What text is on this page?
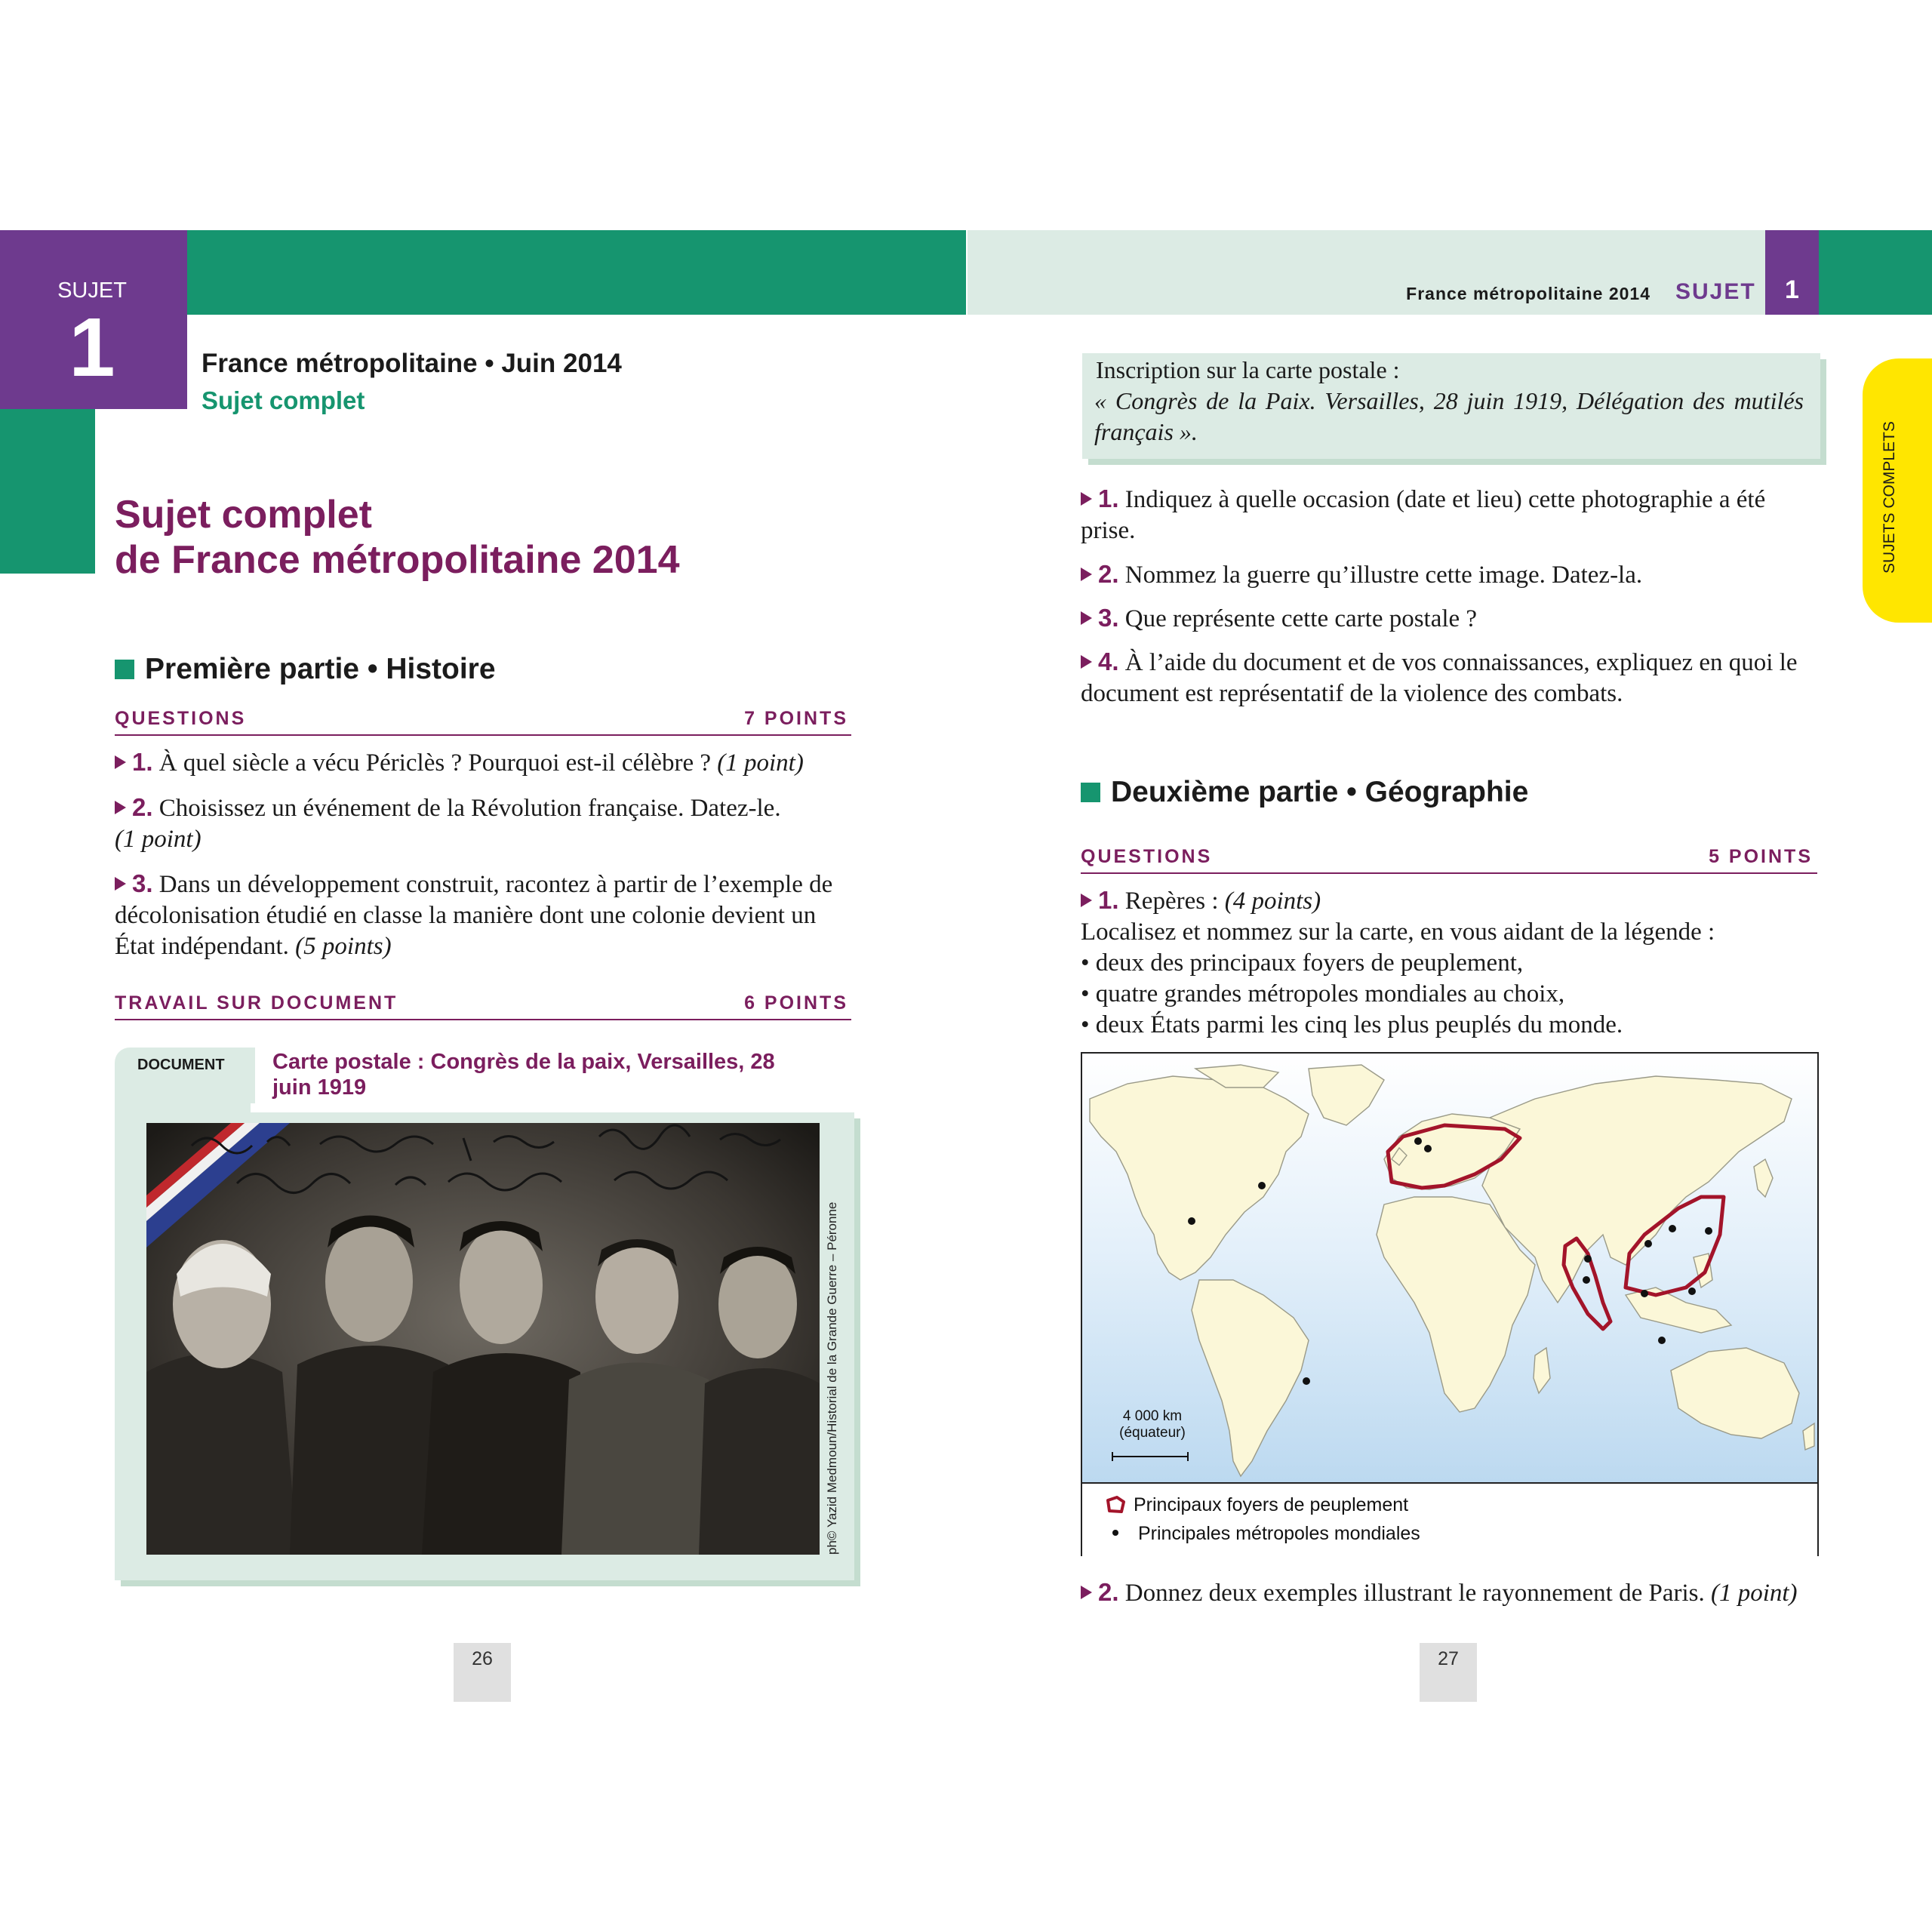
SUJET
1	France métropolitaine • Juin 2014
Sujet complet
Sujet complet
de France métropolitaine 2014
Première partie • Histoire
QUESTIONS	7 POINTS
1. À quel siècle a vécu Périclès ? Pourquoi est-il célèbre ? (1 point)
2. Choisissez un événement de la Révolution française. Datez-le.
(1 point)
3. Dans un développement construit, racontez à partir de l’exemple de décolonisation étudié en classe la manière dont une colonie devient un État indépendant. (5 points)
TRAVAIL SUR DOCUMENT	6 POINTS
DOCUMENT	Carte postale : Congrès de la paix, Versailles, 28 juin 1919
ph© Yazid Medmoun/Historial de la Grande Guerre – Péronne
26
1
France métropolitaine 2014 SUJET
SUJETS COMPLETS
Inscription sur la carte postale :
« Congrès de la Paix. Versailles, 28 juin 1919, Délégation des mutilés français ».
1. Indiquez à quelle occasion (date et lieu) cette photographie a été prise.
2. Nommez la guerre qu’illustre cette image. Datez-la.
3. Que représente cette carte postale ?
4. À l’aide du document et de vos connaissances, expliquez en quoi le document est représentatif de la violence des combats.
Deuxième partie • Géographie
QUESTIONS	5 POINTS
1. Repères : (4 points)
Localisez et nommez sur la carte, en vous aidant de la légende :
• deux des principaux foyers de peuplement,
• quatre grandes métropoles mondiales au choix,
• deux États parmi les cinq les plus peuplés du monde.
4 000 km
(équateur)
Principaux foyers de peuplement
Principales métropoles mondiales
2. Donnez deux exemples illustrant le rayonnement de Paris. (1 point)
27
